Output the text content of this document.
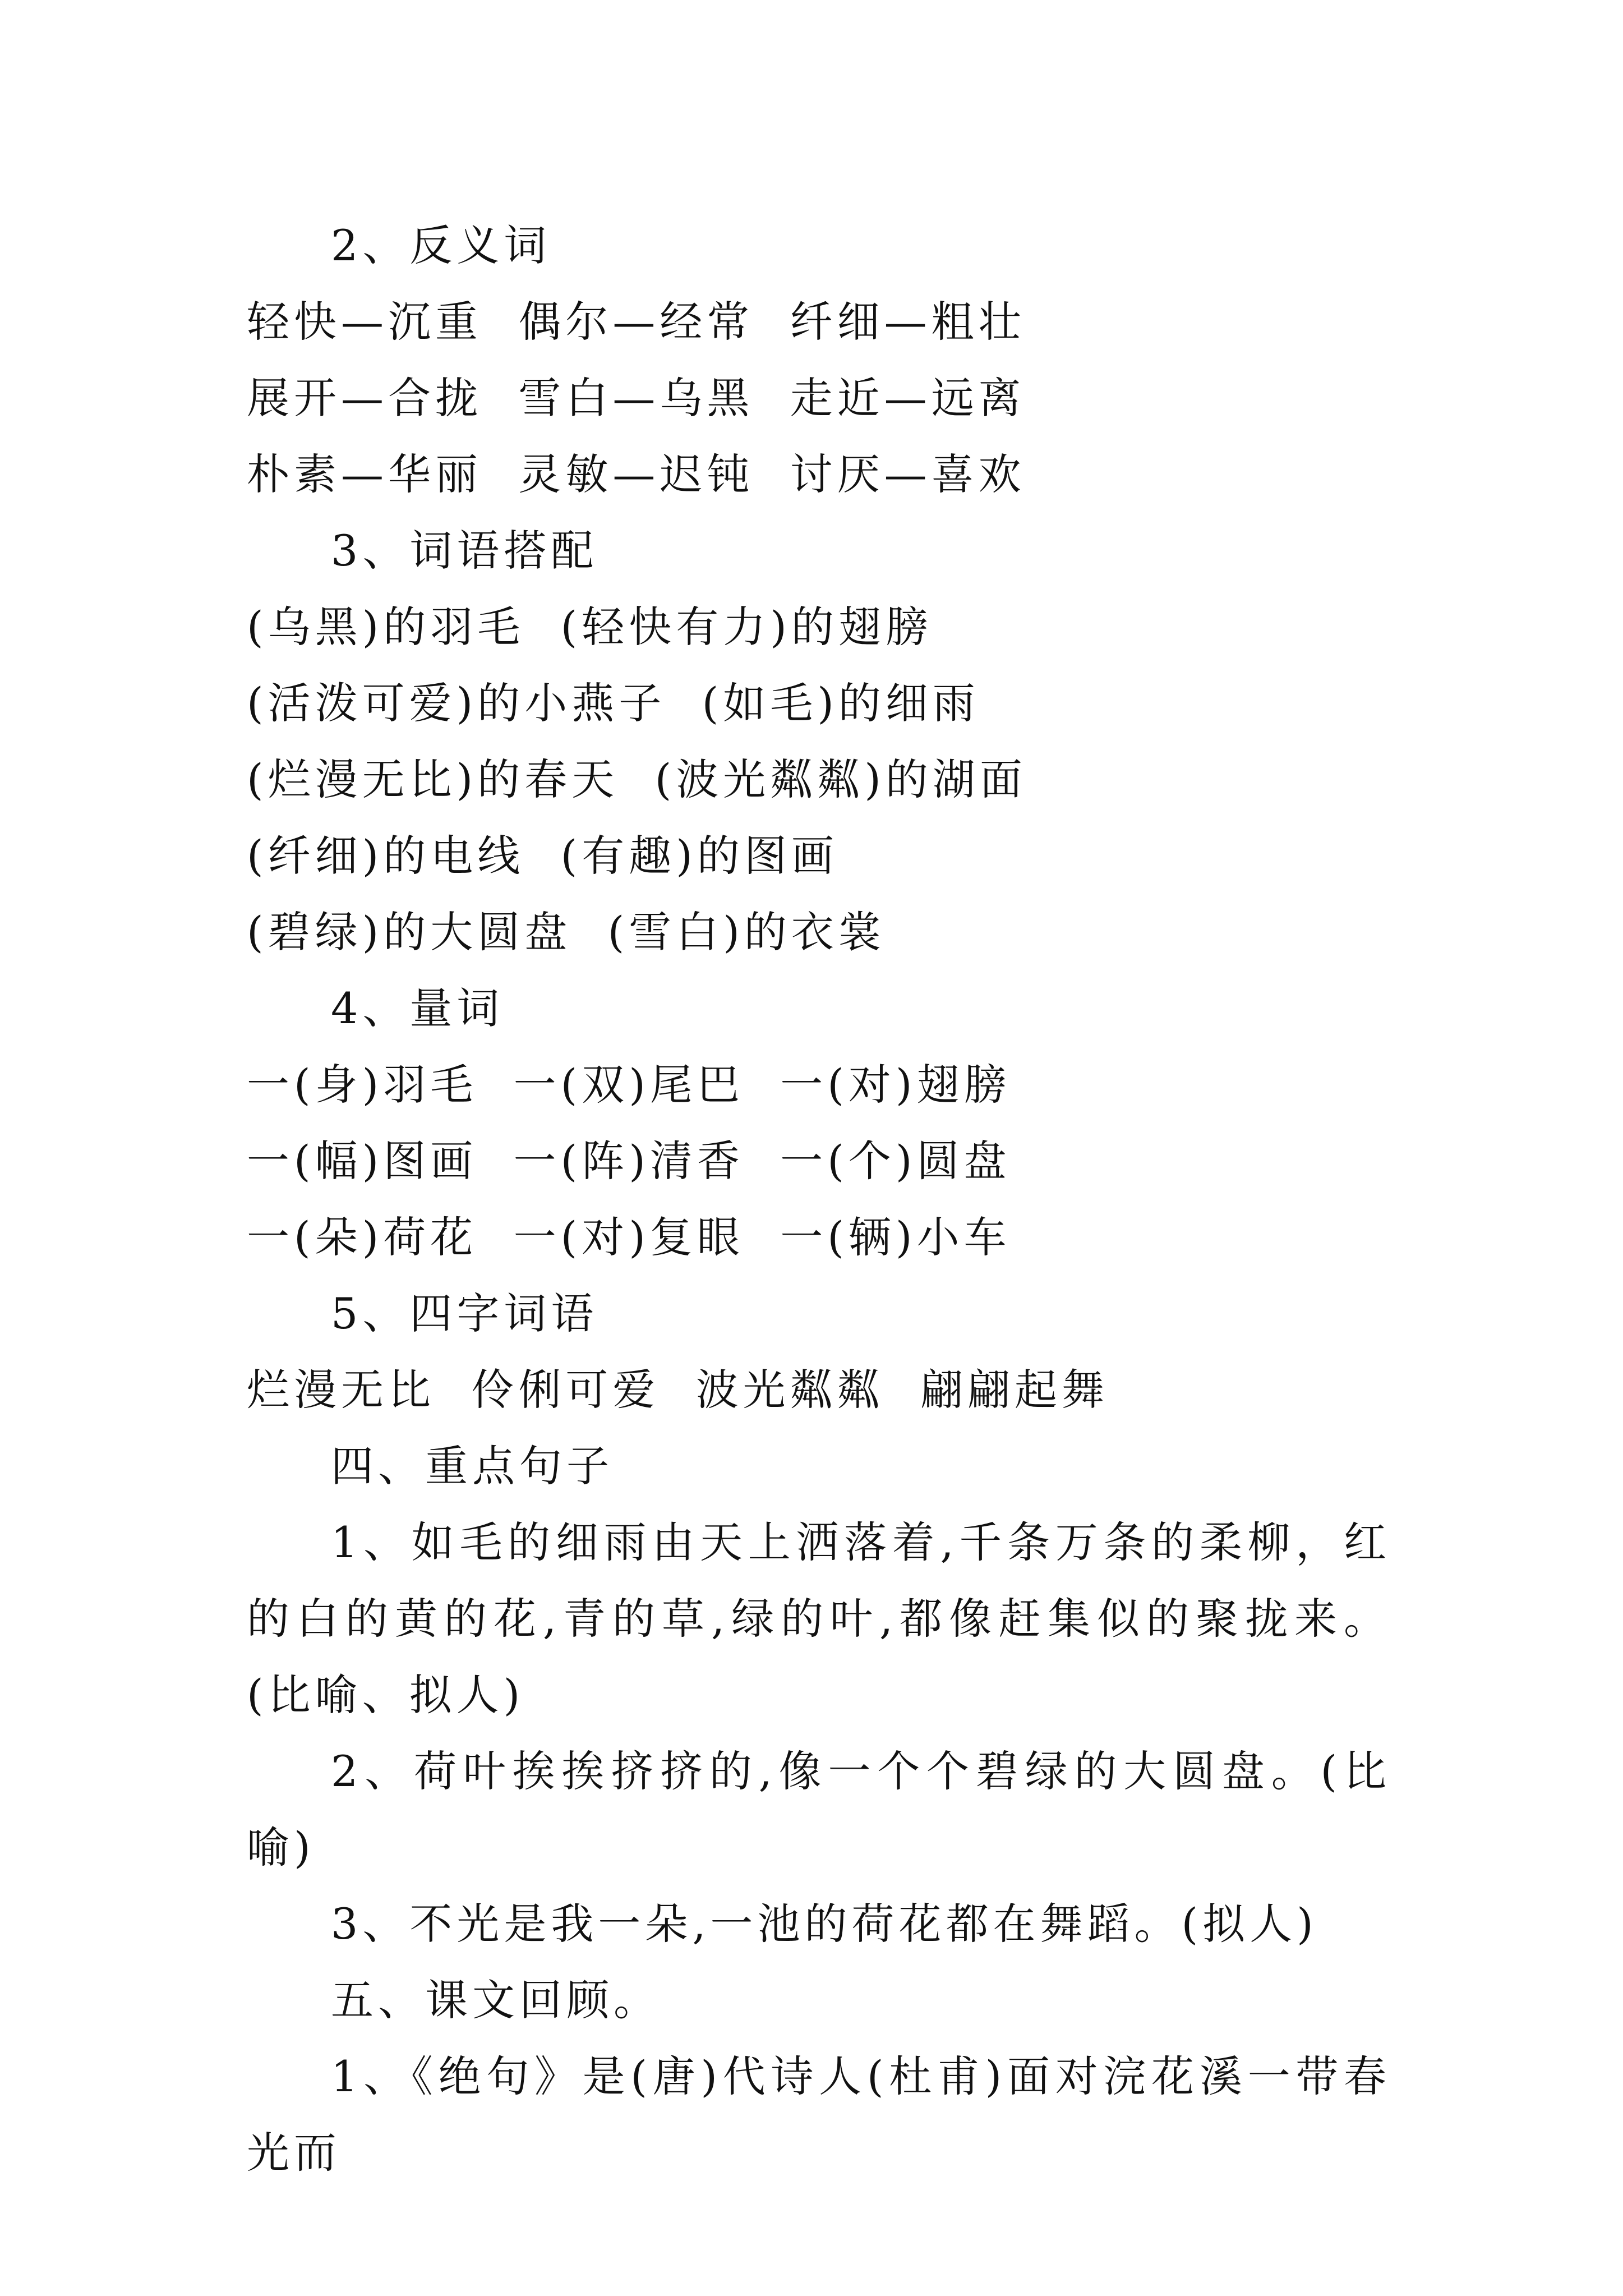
2、反义词
轻快—沉重  偶尔—经常  纤细—粗壮
展开—合拢  雪白—乌黑  走近—远离
朴素—华丽  灵敏—迟钝  讨厌—喜欢
3、词语搭配
(乌黑)的羽毛  (轻快有力)的翅膀
(活泼可爱)的小燕子  (如毛)的细雨
(烂漫无比)的春天  (波光粼粼)的湖面
(纤细)的电线  (有趣)的图画
(碧绿)的大圆盘  (雪白)的衣裳
4、量词
一(身)羽毛  一(双)尾巴  一(对)翅膀
一(幅)图画  一(阵)清香  一(个)圆盘
一(朵)荷花  一(对)复眼  一(辆)小车
5、四字词语
烂漫无比  伶俐可爱  波光粼粼  翩翩起舞
四、重点句子
1、如毛的细雨由天上洒落着,千条万条的柔柳，红的白的黄的花,青的草,绿的叶,都像赶集似的聚拢来。(比喻、拟人)
2、荷叶挨挨挤挤的,像一个个碧绿的大圆盘。(比喻)
3、不光是我一朵,一池的荷花都在舞蹈。(拟人)
五、课文回顾。
1、《绝句》是(唐)代诗人(杜甫)面对浣花溪一带春光而
